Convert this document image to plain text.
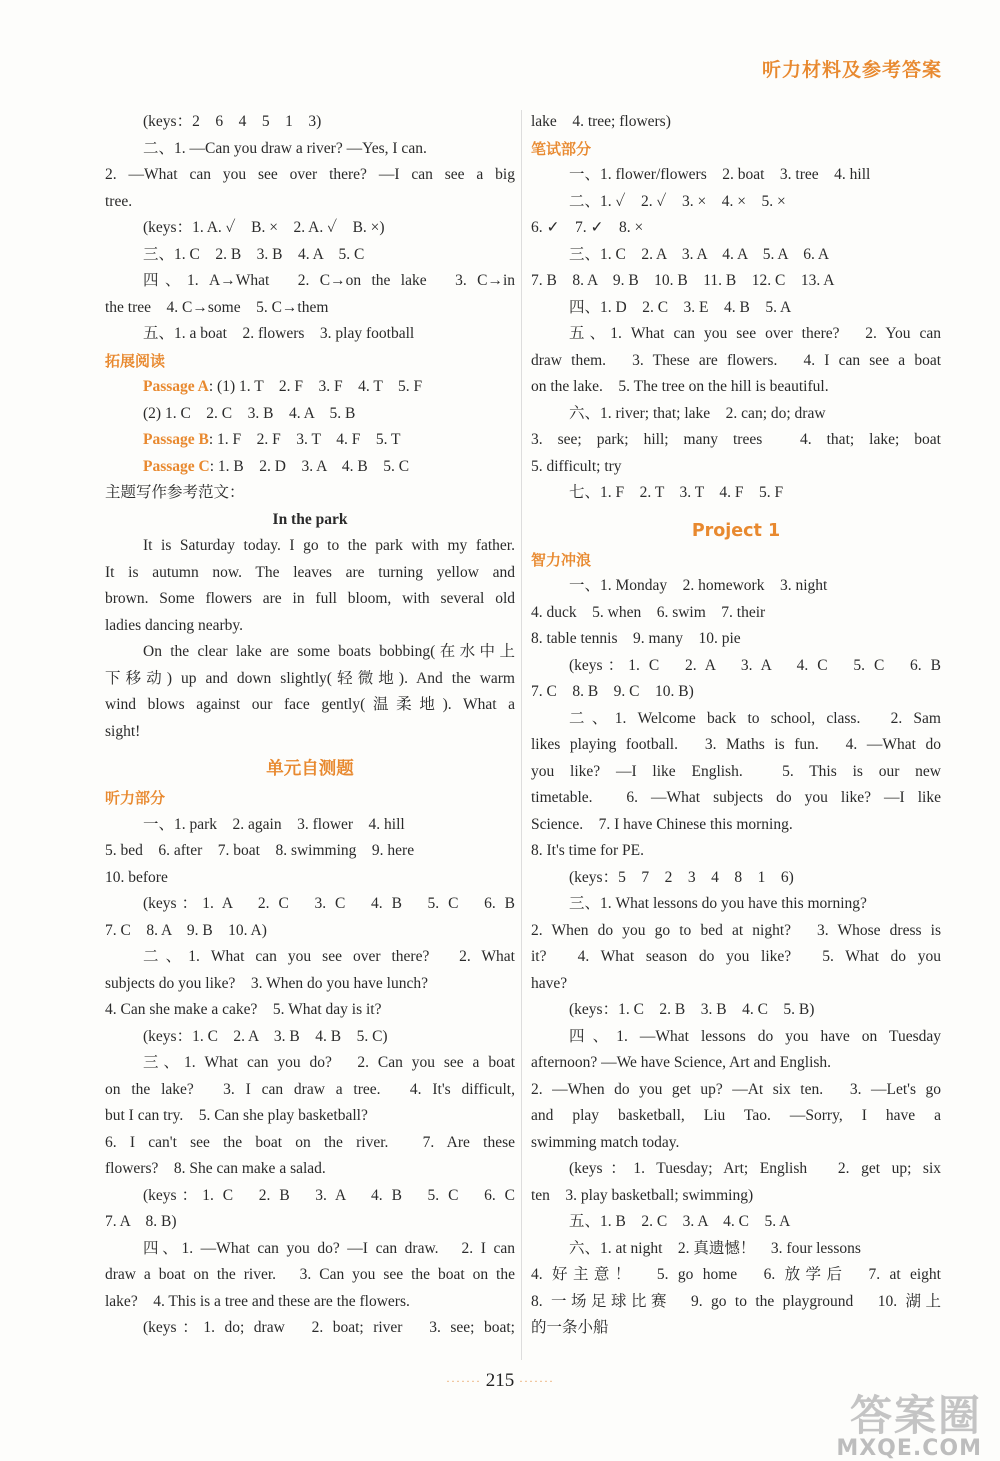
听力材料及参考答案
(keys：2　6　4　5　1　3)
二、1. —Can you draw a river? —Yes, I can.
2. —What can you see over there? —I can see a big
tree.
(keys：1. A. ✓　B. ×　2. A. ✓　B. ×)
三、1. C　2. B　3. B　4. A　5. C
四、1. A→What　2. C→on the lake　3. C→in
the tree　4. C→some　5. C→them
五、1. a boat　2. flowers　3. play football
拓展阅读
Passage A: (1) 1. T　2. F　3. F　4. T　5. F
(2) 1. C　2. C　3. B　4. A　5. B
Passage B: 1. F　2. F　3. T　4. F　5. T
Passage C: 1. B　2. D　3. A　4. B　5. C
主题写作参考范文：
In the park
It is Saturday today. I go to the park with my father.
It is autumn now. The leaves are turning yellow and
brown. Some flowers are in full bloom, with several old
ladies dancing nearby.
On the clear lake are some boats bobbing(在水中上
下移动) up and down slightly(轻微地). And the warm
wind blows against our face gently(温柔地). What a
sight!
单元自测题
听力部分
一、1. park　2. again　3. flower　4. hill
5. bed　6. after　7. boat　8. swimming　9. here
10. before
(keys：1. A　2. C　3. C　4. B　5. C　6. B
7. C　8. A　9. B　10. A)
二、1. What can you see over there?　2. What
subjects do you like?　3. When do you have lunch?
4. Can she make a cake?　5. What day is it?
(keys：1. C　2. A　3. B　4. B　5. C)
三、1. What can you do?　2. Can you see a boat
on the lake?　3. I can draw a tree.　4. It's difficult,
but I can try.　5. Can she play basketball?
6. I can't see the boat on the river.　7. Are these
flowers?　8. She can make a salad.
(keys：1. C　2. B　3. A　4. B　5. C　6. C
7. A　8. B)
四、1. —What can you do? —I can draw.　2. I can
draw a boat on the river.　3. Can you see the boat on the
lake?　4. This is a tree and these are the flowers.
(keys：1. do; draw　2. boat; river　3. see; boat;
lake　4. tree; flowers)
笔试部分
一、1. flower/flowers　2. boat　3. tree　4. hill
二、1. ✓　2. ✓　3. ×　4. ×　5. ×
6. ✓　7. ✓　8. ×
三、1. C　2. A　3. A　4. A　5. A　6. A
7. B　8. A　9. B　10. B　11. B　12. C　13. A
四、1. D　2. C　3. E　4. B　5. A
五、1. What can you see over there?　2. You can
draw them.　3. These are flowers.　4. I can see a boat
on the lake.　5. The tree on the hill is beautiful.
六、1. river; that; lake　2. can; do; draw
3. see; park; hill; many trees　4. that; lake; boat
5. difficult; try
七、1. F　2. T　3. T　4. F　5. F
Project 1
智力冲浪
一、1. Monday　2. homework　3. night
4. duck　5. when　6. swim　7. their
8. table tennis　9. many　10. pie
(keys：1. C　2. A　3. A　4. C　5. C　6. B
7. C　8. B　9. C　10. B)
二、1. Welcome back to school, class.　2. Sam
likes playing football.　3. Maths is fun.　4. —What do
you like? —I like English.　5. This is our new
timetable.　6. —What subjects do you like? —I like
Science.　7. I have Chinese this morning.
8. It's time for PE.
(keys：5　7　2　3　4　8　1　6)
三、1. What lessons do you have this morning?
2. When do you go to bed at night?　3. Whose dress is
it?　4. What season do you like?　5. What do you
have?
(keys：1. C　2. B　3. B　4. C　5. B)
四、1. —What lessons do you have on Tuesday
afternoon? —We have Science, Art and English.
2. —When do you get up? —At six ten.　3. —Let's go
and play basketball, Liu Tao. —Sorry, I have a
swimming match today.
(keys：1. Tuesday; Art; English　2. get up; six
ten　3. play basketball; swimming)
五、1. B　2. C　3. A　4. C　5. A
六、1. at night　2. 真遗憾！　3. four lessons
4. 好主意！　5. go home　6. 放学后　7. at eight
8. 一场足球比赛　9. go to the playground　10. 湖上
的一条小船
······· 215 ·······
答案圈
MXQE.COM
